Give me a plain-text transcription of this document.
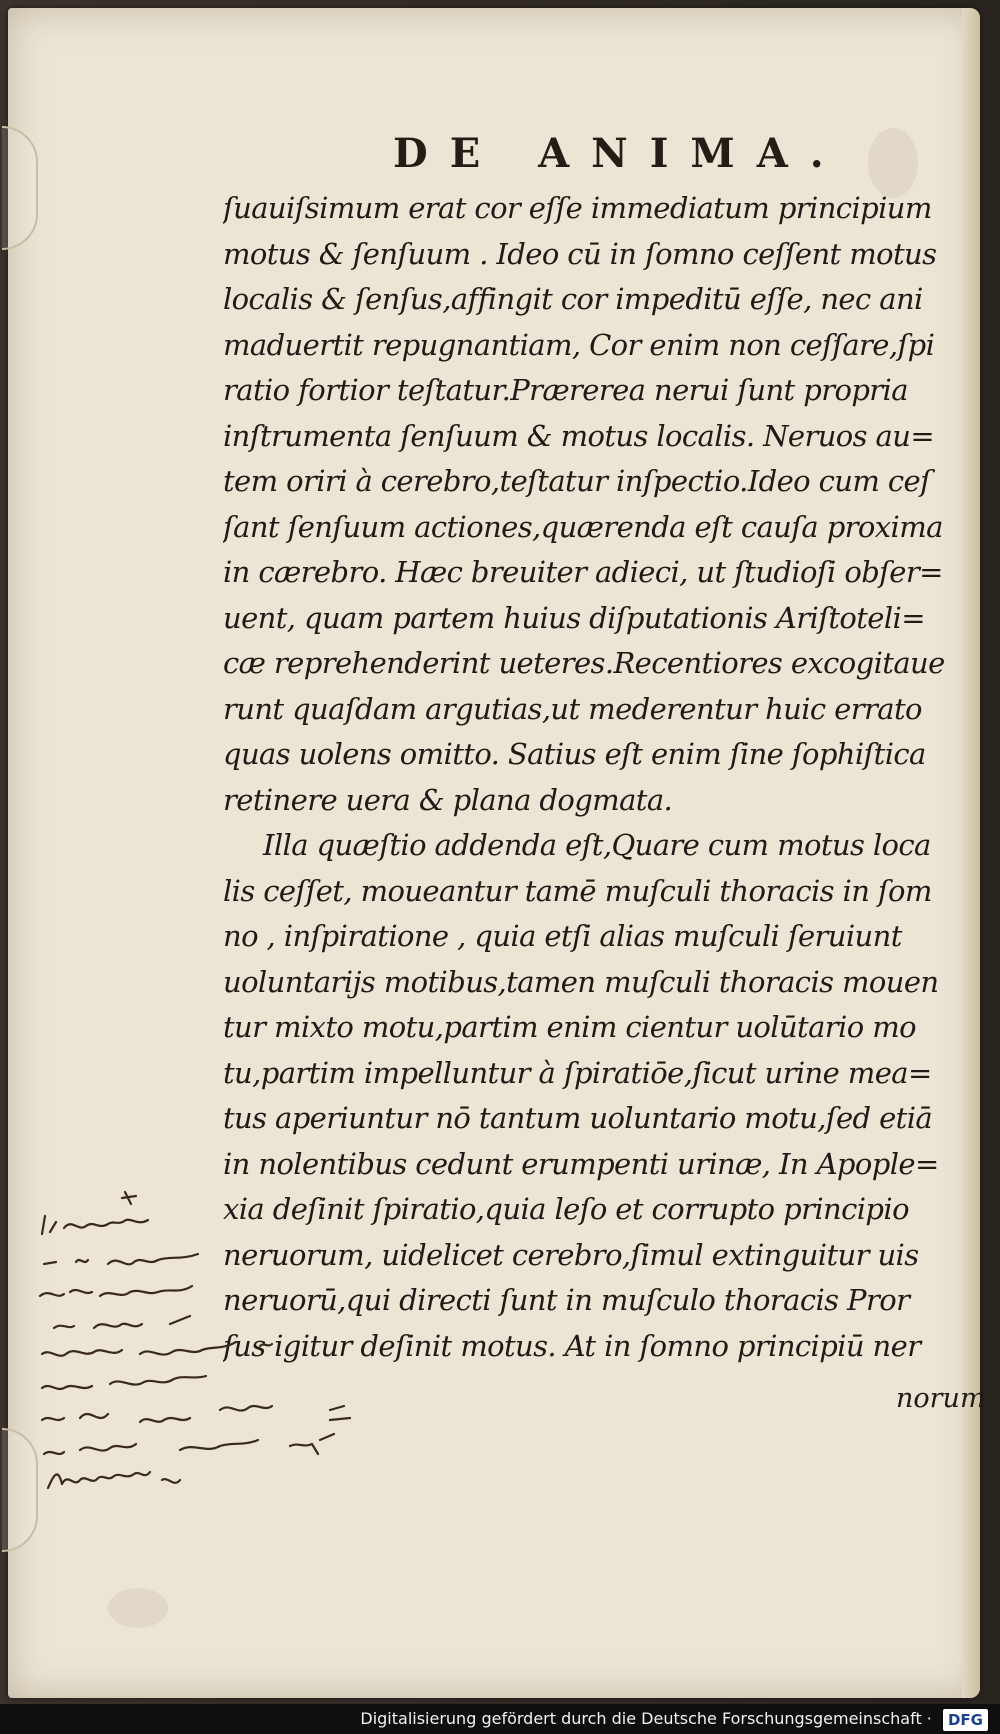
DE ANIMA.
ſuauiſsimum erat cor eſſe immediatum principium
motus & ſenſuum . Ideo cū in ſomno ceſſent motus
localis & ſenſus,affingit cor impeditū eſſe, nec ani
maduertit repugnantiam, Cor enim non ceſſare,ſpi
ratio fortior teſtatur.Prærerea nerui ſunt propria
inſtrumenta ſenſuum & motus localis. Neruos au=
tem oriri à cerebro,teſtatur inſpectio.Ideo cum ceſ
ſant ſenſuum actiones,quærenda eſt cauſa proxima
in cærebro. Hæc breuiter adieci, ut ſtudioſi obſer=
uent, quam partem huius diſputationis Ariſtoteli=
cæ reprehenderint ueteres.Recentiores excogitaue
runt quaſdam argutias,ut mederentur huic errato
quas uolens omitto. Satius eſt enim ſine ſophiſtica
retinere uera & plana dogmata.
Illa quæſtio addenda eſt,Quare cum motus loca
lis ceſſet, moueantur tamē muſculi thoracis in ſom
no , inſpiratione , quia etſi alias muſculi ſeruiunt
uoluntarijs motibus,tamen muſculi thoracis mouen
tur mixto motu,partim enim cientur uolūtario mo
tu,partim impelluntur à ſpiratiōe,ſicut urine mea=
tus aperiuntur nō tantum uoluntario motu,ſed etiā
in nolentibus cedunt erumpenti urinæ, In Apople=
xia deſinit ſpiratio,quia leſo et corrupto principio
neruorum, uidelicet cerebro,ſimul extinguitur uis
neruorū,qui directi ſunt in muſculo thoracis Pror
ſus igitur deſinit motus. At in ſomno principiū ner
norum
Digitalisierung gefördert durch die Deutsche Forschungsgemeinschaft · DFG
